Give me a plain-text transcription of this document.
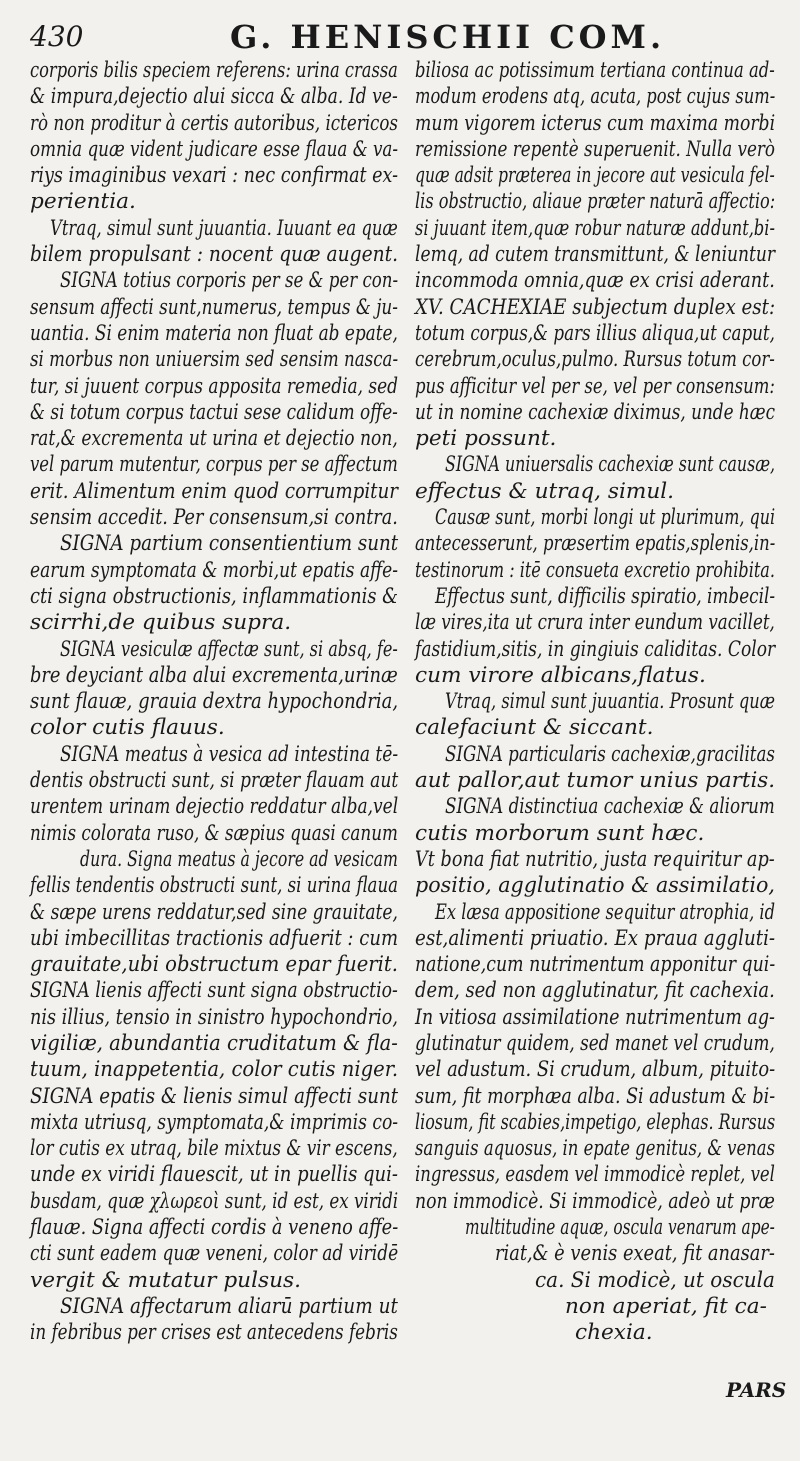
430	G. HENISCHII COM.
corporis bilis speciem referens: urina crassa
& impura,dejectio alui sicca & alba. Id ve-
rò non proditur à certis autoribus, ictericos
omnia quæ vident judicare esse flaua & va-
riys imaginibus vexari : nec confirmat ex-
perientia.
Vtraq, simul sunt juuantia. Iuuant ea quæ
bilem propulsant : nocent quæ augent.
SIGNA totius corporis per se & per con-
sensum affecti sunt,numerus, tempus & ju-
uantia. Si enim materia non fluat ab epate,
si morbus non uniuersim sed sensim nasca-
tur, si juuent corpus apposita remedia, sed
& si totum corpus tactui sese calidum offe-
rat,& excrementa ut urina et dejectio non,
vel parum mutentur, corpus per se affectum
erit. Alimentum enim quod corrumpitur
sensim accedit. Per consensum,si contra.
SIGNA partium consentientium sunt
earum symptomata & morbi,ut epatis affe-
cti signa obstructionis, inflammationis &
scirrhi,de quibus supra.
SIGNA vesiculæ affectæ sunt, si absq, fe-
bre deyciant alba alui excrementa,urinæ
sunt flauæ, grauia dextra hypochondria,
color cutis flauus.
SIGNA meatus à vesica ad intestina tē-
dentis obstructi sunt, si præter flauam aut
urentem urinam dejectio reddatur alba,vel
nimis colorata ruso, & sæpius quasi canum
dura. Signa meatus à jecore ad vesicam
fellis tendentis obstructi sunt, si urina flaua
& sæpe urens reddatur,sed sine grauitate,
ubi imbecillitas tractionis adfuerit : cum
grauitate,ubi obstructum epar fuerit.
SIGNA lienis affecti sunt signa obstructio-
nis illius, tensio in sinistro hypochondrio,
vigiliæ, abundantia cruditatum & fla-
tuum, inappetentia, color cutis niger.
SIGNA epatis & lienis simul affecti sunt
mixta utriusq, symptomata,& imprimis co-
lor cutis ex utraq, bile mixtus & vir escens,
unde ex viridi flauescit, ut in puellis qui-
busdam, quæ χλωρεοὶ sunt, id est, ex viridi
flauæ. Signa affecti cordis à veneno affe-
cti sunt eadem quæ veneni, color ad viridē
vergit & mutatur pulsus.
SIGNA affectarum aliarū partium ut
in febribus per crises est antecedens febris
biliosa ac potissimum tertiana continua ad-
modum erodens atq, acuta, post cujus sum-
mum vigorem icterus cum maxima morbi
remissione repentè superuenit. Nulla verò
quæ adsit præterea in jecore aut vesicula fel-
lis obstructio, aliaue præter naturā affectio:
si juuant item,quæ robur naturæ addunt,bi-
lemq, ad cutem transmittunt, & leniuntur
incommoda omnia,quæ ex crisi aderant.
XV. CACHEXIAE subjectum duplex est:
totum corpus,& pars illius aliqua,ut caput,
cerebrum,oculus,pulmo. Rursus totum cor-
pus afficitur vel per se, vel per consensum:
ut in nomine cachexiæ diximus, unde hæc
peti possunt.
SIGNA uniuersalis cachexiæ sunt causæ,
effectus & utraq, simul.
Causæ sunt, morbi longi ut plurimum, qui
antecesserunt, præsertim epatis,splenis,in-
testinorum : itē consueta excretio prohibita.
Effectus sunt, difficilis spiratio, imbecil-
læ vires,ita ut crura inter eundum vacillet,
fastidium,sitis, in gingiuis caliditas. Color
cum virore albicans,flatus.
Vtraq, simul sunt juuantia. Prosunt quæ
calefaciunt & siccant.
SIGNA particularis cachexiæ,gracilitas
aut pallor,aut tumor unius partis.
SIGNA distinctiua cachexiæ & aliorum
cutis morborum sunt hæc.
Vt bona fiat nutritio, justa requiritur ap-
positio, agglutinatio & assimilatio,
Ex læsa appositione sequitur atrophia, id
est,alimenti priuatio. Ex praua aggluti-
natione,cum nutrimentum apponitur qui-
dem, sed non agglutinatur, fit cachexia.
In vitiosa assimilatione nutrimentum ag-
glutinatur quidem, sed manet vel crudum,
vel adustum. Si crudum, album, pituito-
sum, fit morphæa alba. Si adustum & bi-
liosum, fit scabies,impetigo, elephas. Rursus
sanguis aquosus, in epate genitus, & venas
ingressus, easdem vel immodicè replet, vel
non immodicè. Si immodicè, adeò ut præ
multitudine aquæ, oscula venarum ape-
riat,& è venis exeat, fit anasar-
ca. Si modicè, ut oscula
non aperiat, fit ca-
chexia.
PARS
